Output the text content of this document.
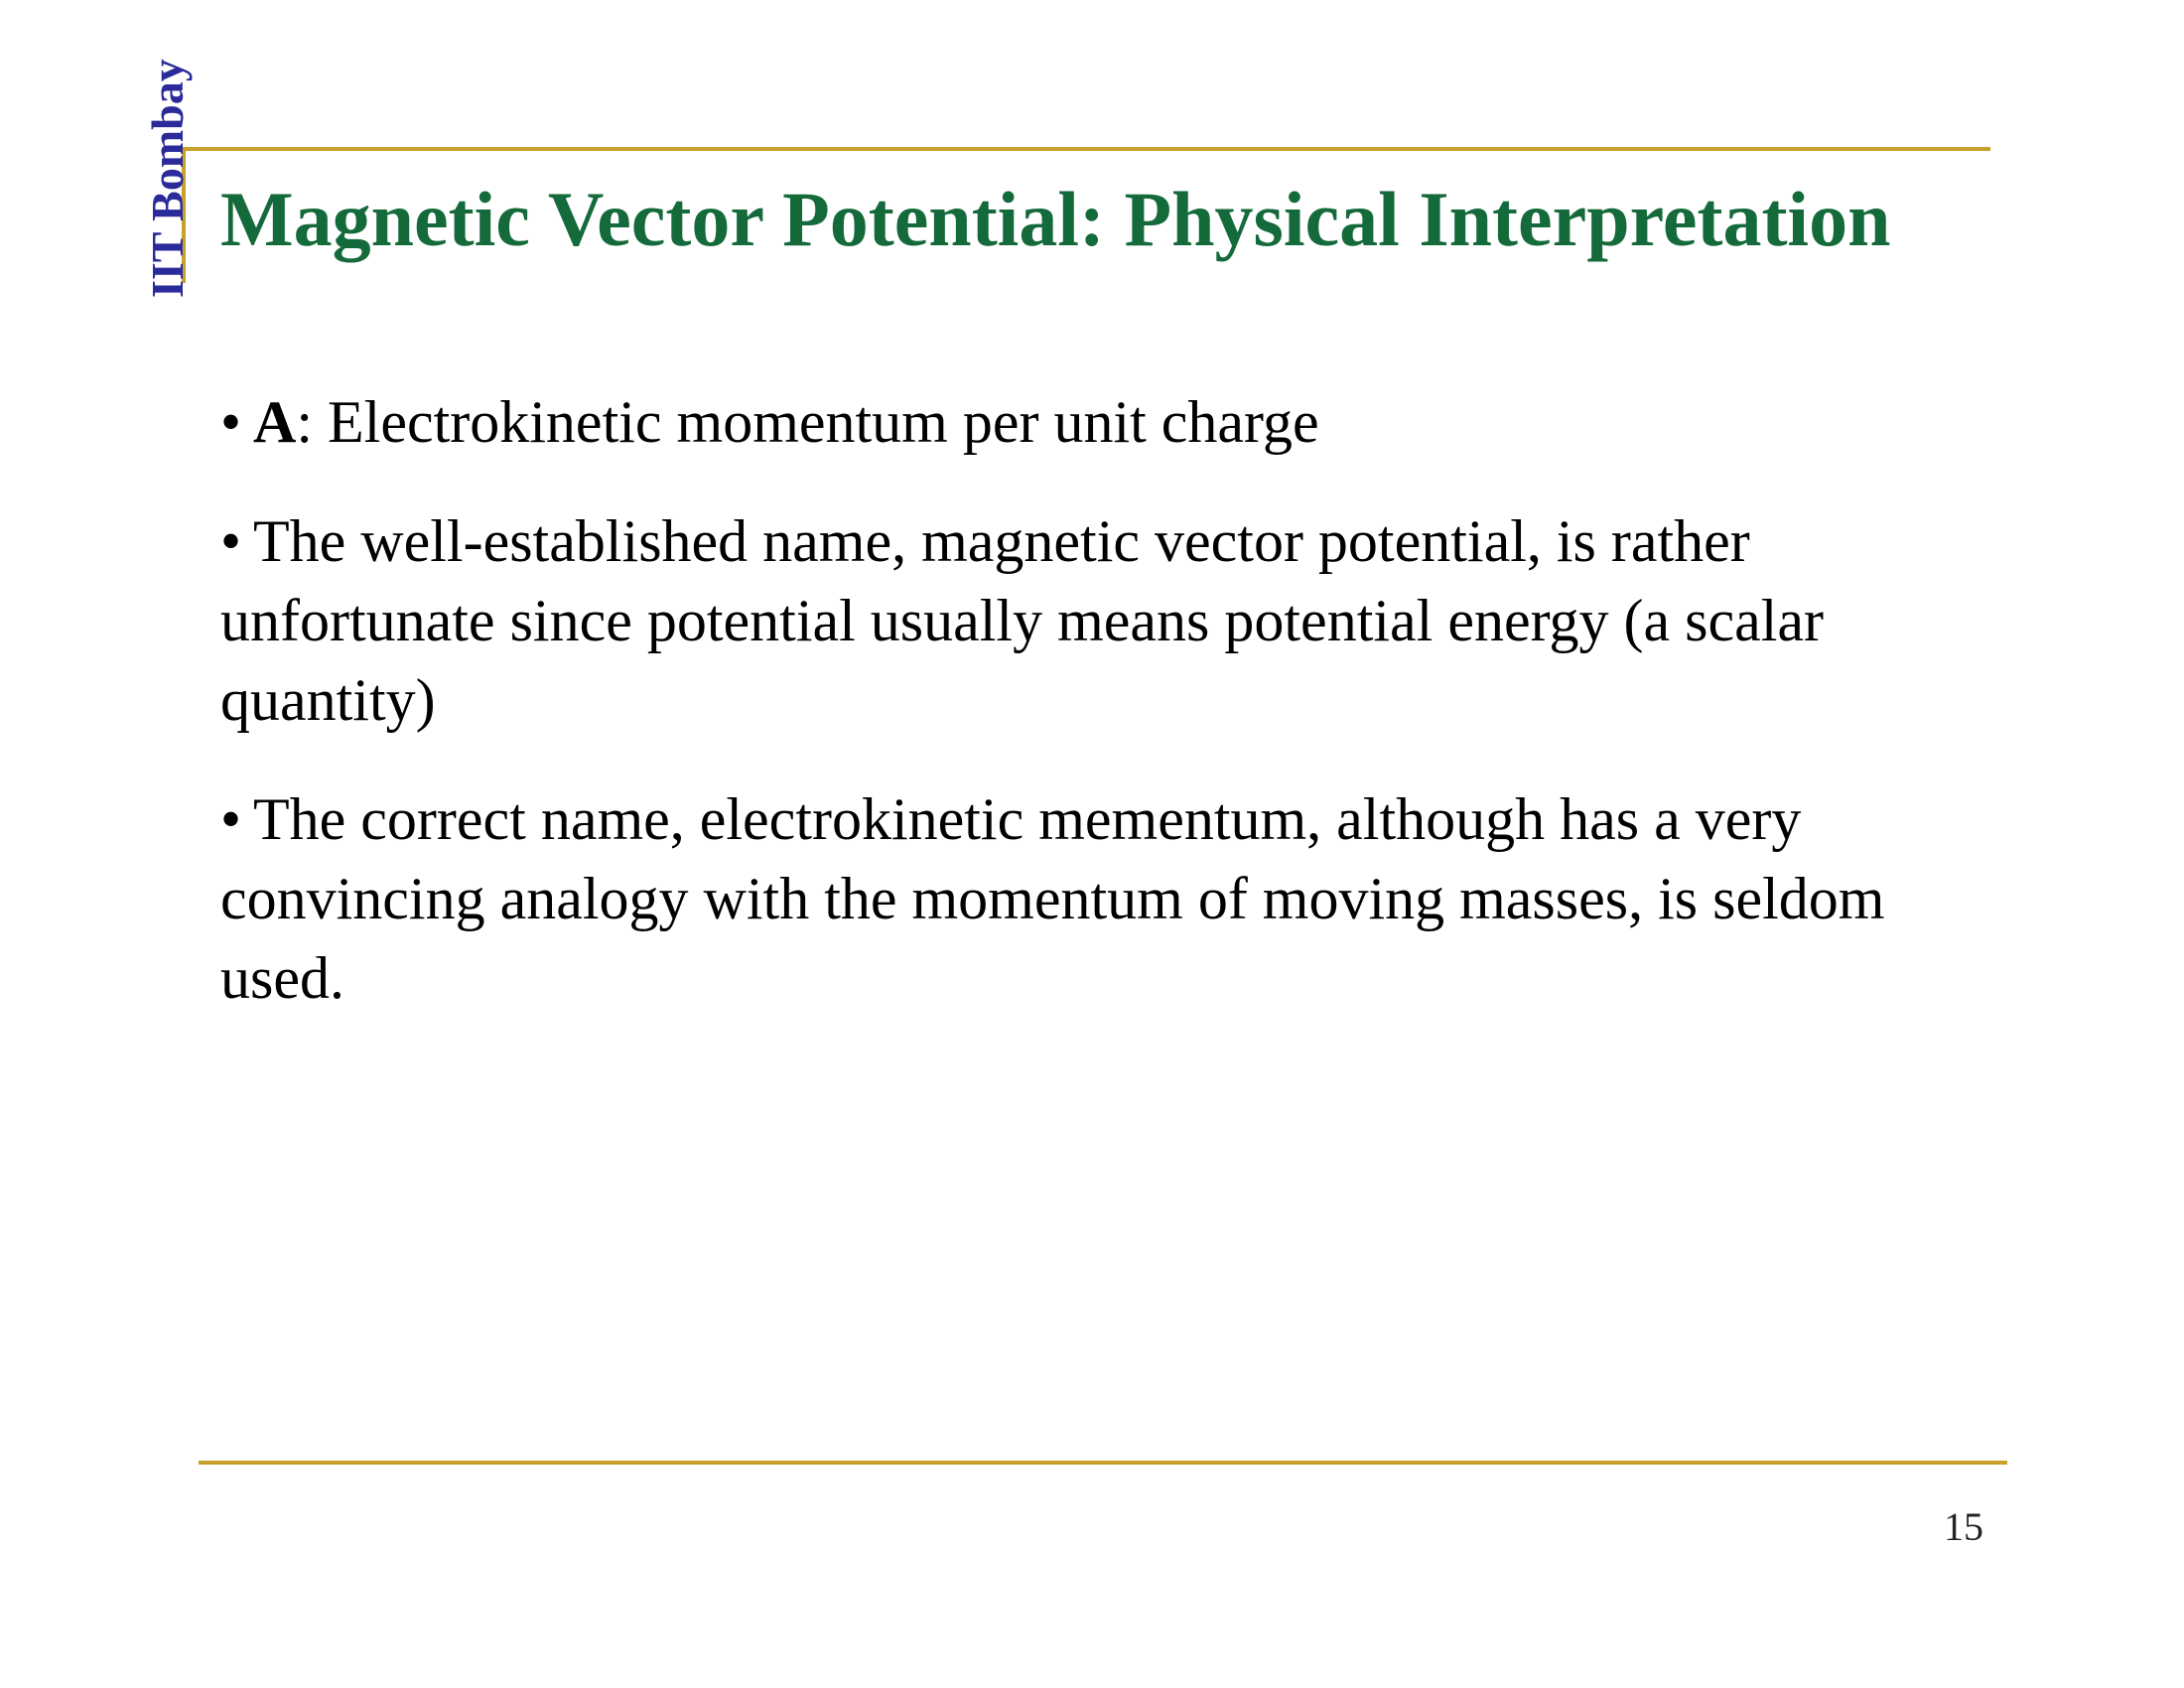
IIT Bombay Magnetic Vector Potential: Physical Interpretation
• A: Electrokinetic momentum per unit charge
• The well-established name, magnetic vector potential, is rather unfortunate since potential usually means potential energy (a scalar quantity)
• The correct name, electrokinetic mementum, although has a very convincing analogy with the momentum of moving masses, is seldom used.
15
